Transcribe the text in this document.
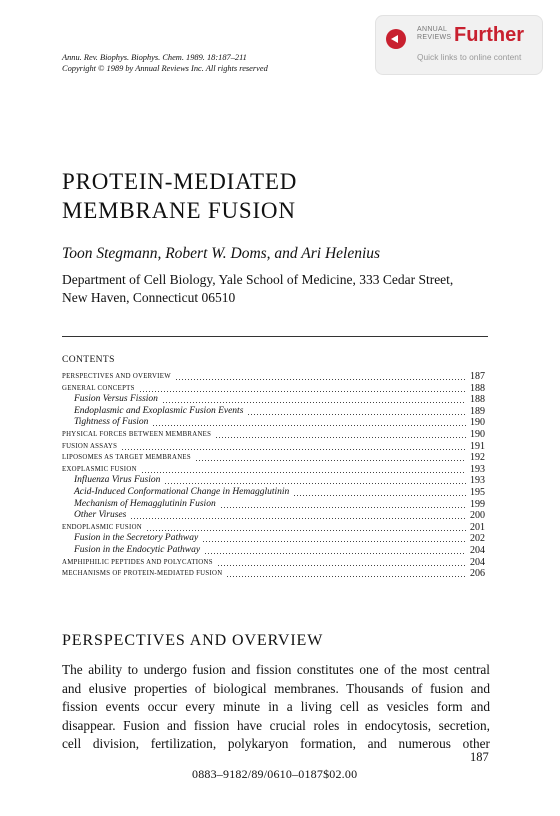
Annu. Rev. Biophys. Biophys. Chem. 1989. 18:187–211
Copyright © 1989 by Annual Reviews Inc. All rights reserved
ANNUAL
REVIEWS Further
Quick links to online content
PROTEIN-MEDIATED
MEMBRANE FUSION
Toon Stegmann, Robert W. Doms, and Ari Helenius
Department of Cell Biology, Yale School of Medicine, 333 Cedar Street,
New Haven, Connecticut 06510
CONTENTS
PERSPECTIVES AND OVERVIEW	187
GENERAL CONCEPTS	188
Fusion Versus Fission	188
Endoplasmic and Exoplasmic Fusion Events	189
Tightness of Fusion	190
PHYSICAL FORCES BETWEEN MEMBRANES	190
FUSION ASSAYS	191
LIPOSOMES AS TARGET MEMBRANES	192
EXOPLASMIC FUSION	193
Influenza Virus Fusion	193
Acid-Induced Conformational Change in Hemagglutinin	195
Mechanism of Hemagglutinin Fusion	199
Other Viruses	200
ENDOPLASMIC FUSION	201
Fusion in the Secretory Pathway	202
Fusion in the Endocytic Pathway	204
AMPHIPHILIC PEPTIDES AND POLYCATIONS	204
MECHANISMS OF PROTEIN-MEDIATED FUSION	206
PERSPECTIVES AND OVERVIEW
The ability to undergo fusion and fission constitutes one of the most central
and elusive properties of biological membranes. Thousands of fusion and
fission events occur every minute in a living cell as vesicles form and
disappear. Fusion and fission have crucial roles in endocytosis, secretion,
cell division, fertilization, polykaryon formation, and numerous other
187
0883–9182/89/0610–0187$02.00
